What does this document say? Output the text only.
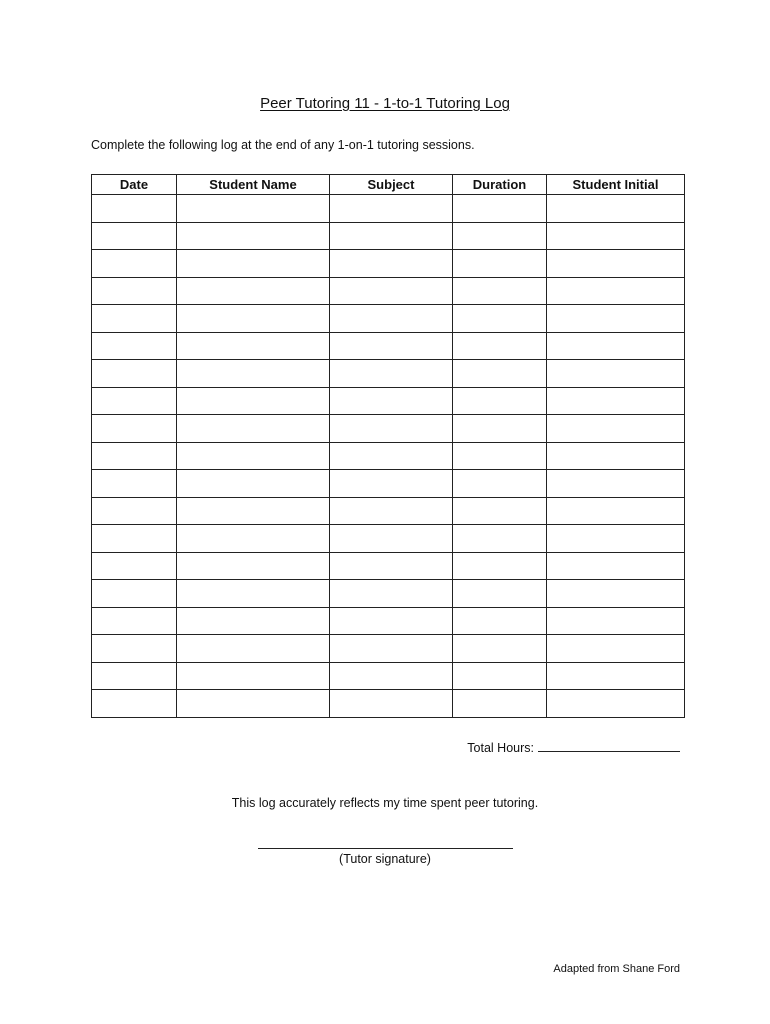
Peer Tutoring 11 - 1-to-1 Tutoring Log
Complete the following log at the end of any 1-on-1 tutoring sessions.
Date	Student Name	Subject	Duration	Student Initial

Total Hours:
This log accurately reflects my time spent peer tutoring.
(Tutor signature)
Adapted from Shane Ford
